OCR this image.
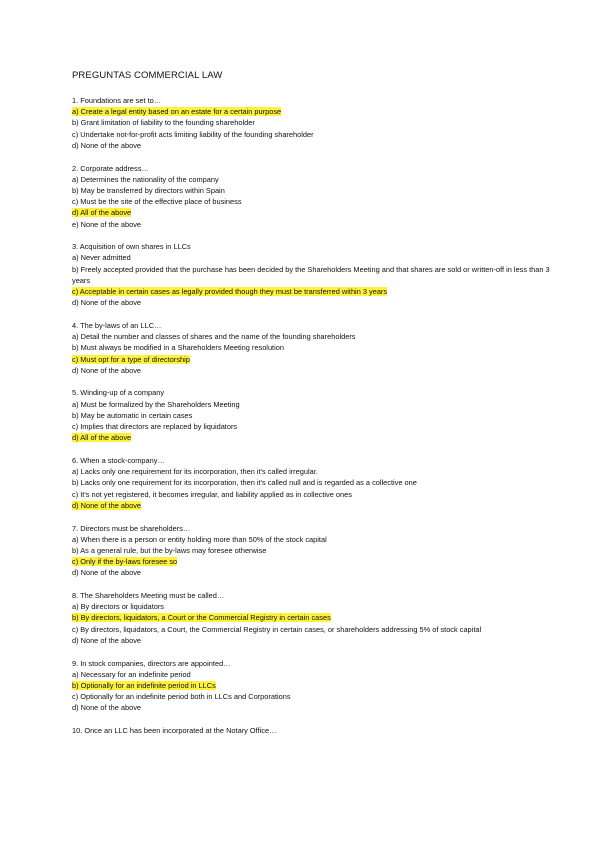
PREGUNTAS COMMERCIAL LAW
1. Foundations are set to…
a) Create a legal entity based on an estate for a certain purpose
b) Grant limitation of liability to the founding shareholder
c) Undertake not-for-profit acts limiting liability of the founding shareholder
d) None of the above
2. Corporate address…
a) Determines the nationality of the company
b) May be transferred by directors within Spain
c) Must be the site of the effective place of business
d) All of the above
e) None of the above
3. Acquisition of own shares in LLCs
a) Never admitted
b) Freely accepted provided that the purchase has been decided by the Shareholders Meeting and that shares are sold or written-off in less than 3 years
c) Acceptable in certain cases as legally provided though they must be transferred within 3 years
d) None of the above
4. The by-laws of an LLC…
a) Detail the number and classes of shares and the name of the founding shareholders
b) Must always be modified in a Shareholders Meeting resolution
c) Must opt for a type of directorship
d) None of the above
5. Winding-up of a company
a) Must be formalized by the Shareholders Meeting
b) May be automatic in certain cases
c) Implies that directors are replaced by liquidators
d) All of the above
6. When a stock-company…
a) Lacks only one requirement for its incorporation, then it's called irregular.
b) Lacks only one requirement for its incorporation, then it's called null and is regarded as a collective one
c) It's not yet registered, it becomes irregular, and liability applied as in collective ones
d) None of the above
7. Directors must be shareholders…
a) When there is a person or entity holding more than 50% of the stock capital
b) As a general rule, but the by-laws may foresee otherwise
c) Only if the by-laws foresee so
d) None of the above
8. The Shareholders Meeting must be called…
a) By directors or liquidators
b) By directors, liquidators, a Court or the Commercial Registry in certain cases
c) By directors, liquidators, a Court, the Commercial Registry in certain cases, or shareholders addressing 5% of stock capital
d) None of the above
9. In stock companies, directors are appointed…
a) Necessary for an indefinite period
b) Optionally for an indefinite period in LLCs
c) Optionally for an indefinite period both in LLCs and Corporations
d) None of the above
10. Once an LLC has been incorporated at the Notary Office…
